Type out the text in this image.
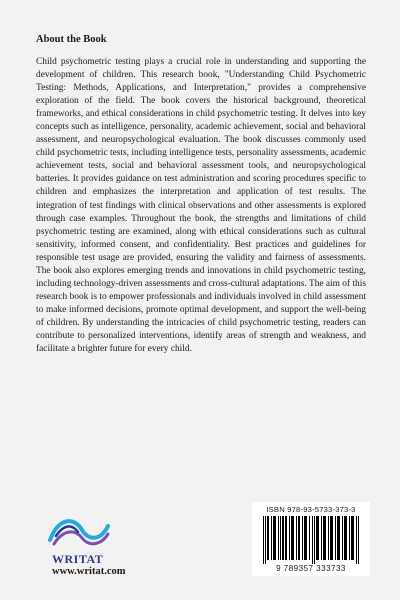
About the Book
Child psychometric testing plays a crucial role in understanding and supporting the development of children. This research book, "Understanding Child Psychometric Testing: Methods, Applications, and Interpretation," provides a comprehensive exploration of the field. The book covers the historical background, theoretical frameworks, and ethical considerations in child psychometric testing. It delves into key concepts such as intelligence, personality, academic achievement, social and behavioral assessment, and neuropsychological evaluation. The book discusses commonly used child psychometric tests, including intelligence tests, personality assessments, academic achievement tests, social and behavioral assessment tools, and neuropsychological batteries. It provides guidance on test administration and scoring procedures specific to children and emphasizes the interpretation and application of test results. The integration of test findings with clinical observations and other assessments is explored through case examples. Throughout the book, the strengths and limitations of child psychometric testing are examined, along with ethical considerations such as cultural sensitivity, informed consent, and confidentiality. Best practices and guidelines for responsible test usage are provided, ensuring the validity and fairness of assessments. The book also explores emerging trends and innovations in child psychometric testing, including technology-driven assessments and cross-cultural adaptations. The aim of this research book is to empower professionals and individuals involved in child assessment to make informed decisions, promote optimal development, and support the well-being of children. By understanding the intricacies of child psychometric testing, readers can contribute to personalized interventions, identify areas of strength and weakness, and facilitate a brighter future for every child.
WRITAT
www.writat.com
ISBN 978-93-5733-373-3
9 789357 333733
